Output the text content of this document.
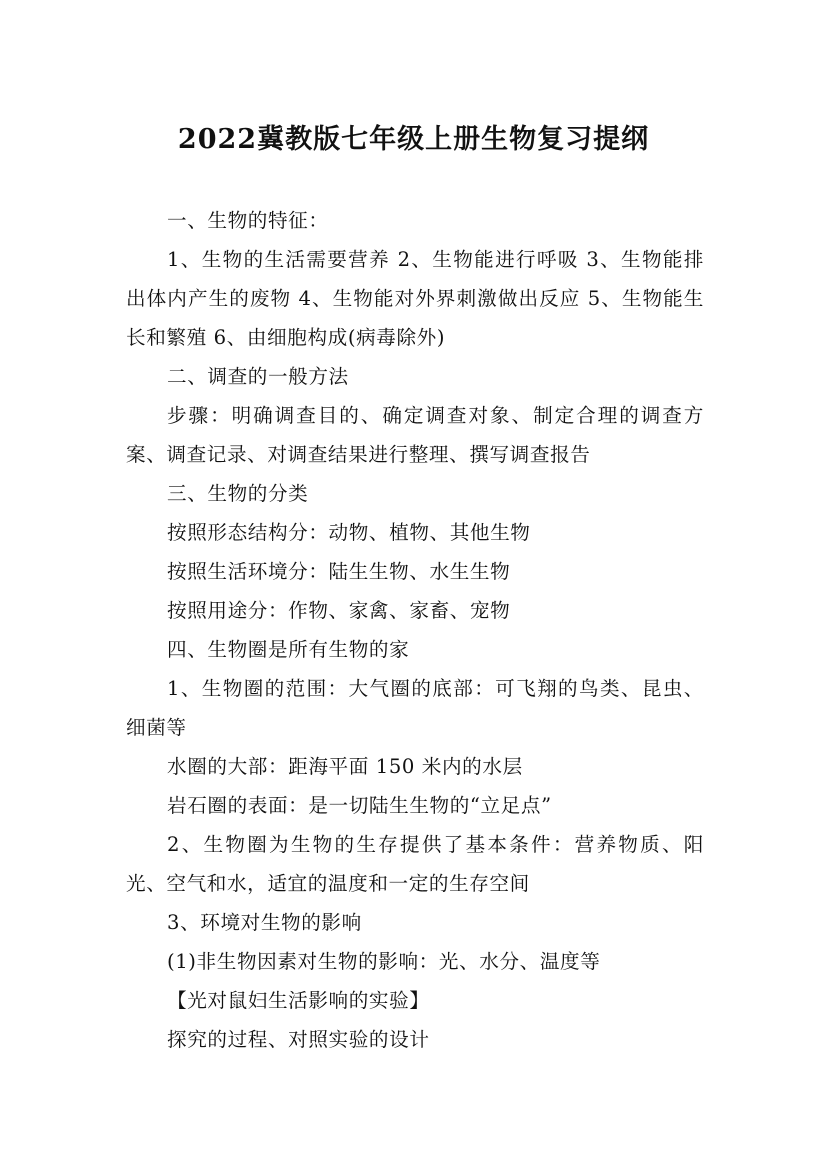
2022冀教版七年级上册生物复习提纲

一、生物的特征：

1、生物的生活需要营养 2、生物能进行呼吸 3、生物能排出体内产生的废物 4、生物能对外界刺激做出反应 5、生物能生长和繁殖 6、由细胞构成(病毒除外)

二、调查的一般方法

步骤：明确调查目的、确定调查对象、制定合理的调查方案、调查记录、对调查结果进行整理、撰写调查报告

三、生物的分类

按照形态结构分：动物、植物、其他生物

按照生活环境分：陆生生物、水生生物

按照用途分：作物、家禽、家畜、宠物

四、生物圈是所有生物的家

1、生物圈的范围：大气圈的底部：可飞翔的鸟类、昆虫、细菌等

水圈的大部：距海平面 150 米内的水层

岩石圈的表面：是一切陆生生物的“立足点”

2、生物圈为生物的生存提供了基本条件：营养物质、阳光、空气和水，适宜的温度和一定的生存空间

3、环境对生物的影响

(1)非生物因素对生物的影响：光、水分、温度等

【光对鼠妇生活影响的实验】

探究的过程、对照实验的设计
